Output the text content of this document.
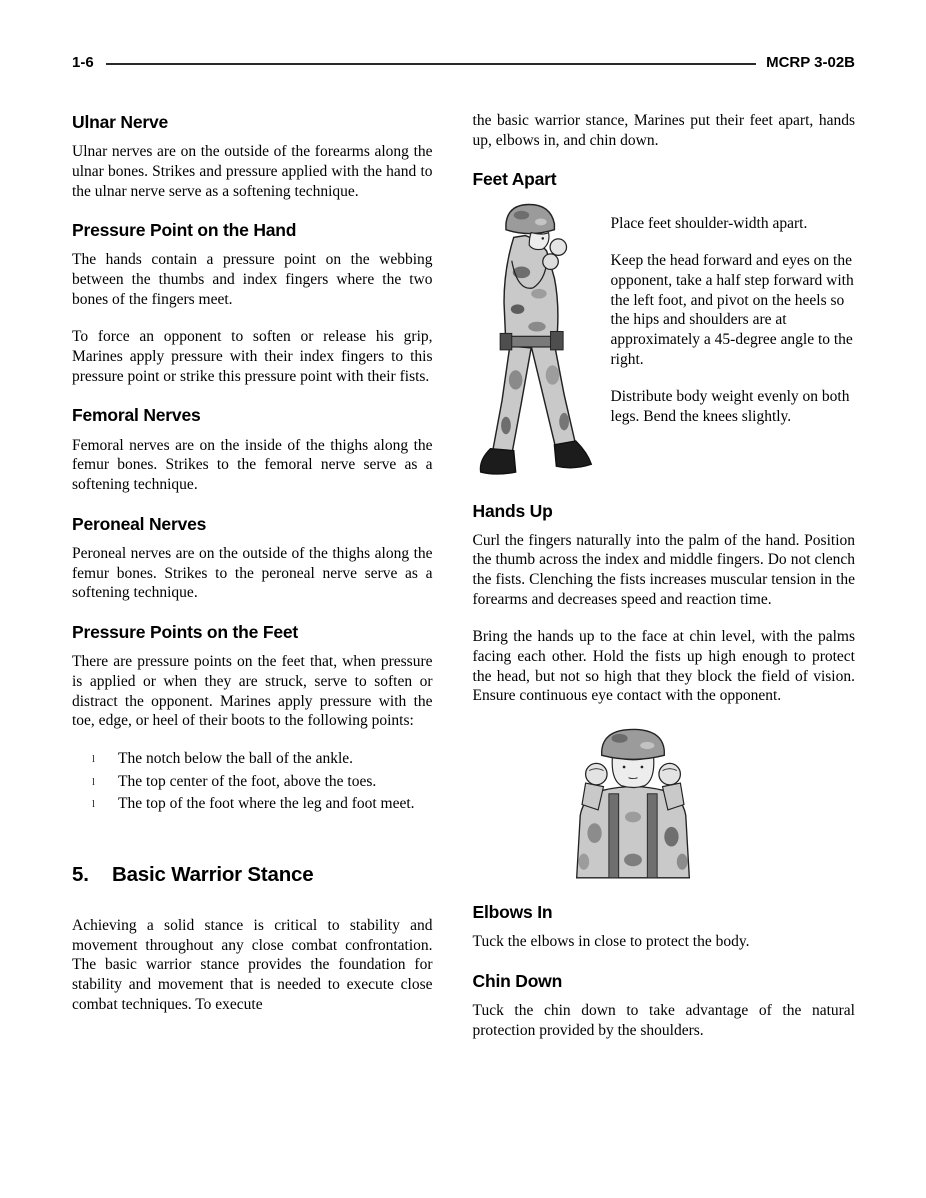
1-6	MCRP 3-02B
Ulnar Nerve

Ulnar nerves are on the outside of the forearms along the ulnar bones. Strikes and pressure applied with the hand to the ulnar nerve serve as a softening technique.

Pressure Point on the Hand

The hands contain a pressure point on the webbing between the thumbs and index fingers where the two bones of the fingers meet.

To force an opponent to soften or release his grip, Marines apply pressure with their index fingers to this pressure point or strike this pressure point with their fists.

Femoral Nerves

Femoral nerves are on the inside of the thighs along the femur bones. Strikes to the femoral nerve serve as a softening technique.

Peroneal Nerves

Peroneal nerves are on the outside of the thighs along the femur bones. Strikes to the peroneal nerve serve as a softening technique.

Pressure Points on the Feet

There are pressure points on the feet that, when pressure is applied or when they are struck, serve to soften or distract the opponent. Marines apply pressure with the toe, edge, or heel of their boots to the following points:

l	The notch below the ball of the ankle.
l	The top center of the foot, above the toes.
l	The top of the foot where the leg and foot meet.
5. Basic Warrior Stance

Achieving a solid stance is critical to stability and movement throughout any close combat confrontation. The basic warrior stance provides the foundation for stability and movement that is needed to execute close combat techniques. To execute

the basic warrior stance, Marines put their feet apart, hands up, elbows in, and chin down.

Feet Apart

Place feet shoulder-width apart.

Keep the head forward and eyes on the opponent, take a half step forward with the left foot, and pivot on the heels so the hips and shoulders are at approximately a 45-degree angle to the right.

Distribute body weight evenly on both legs. Bend the knees slightly.

Hands Up

Curl the fingers naturally into the palm of the hand. Position the thumb across the index and middle fingers. Do not clench the fists. Clenching the fists increases muscular tension in the forearms and decreases speed and reaction time.

Bring the hands up to the face at chin level, with the palms facing each other. Hold the fists up high enough to protect the head, but not so high that they block the field of vision. Ensure continuous eye contact with the opponent.

Elbows In

Tuck the elbows in close to protect the body.

Chin Down

Tuck the chin down to take advantage of the natural protection provided by the shoulders.
